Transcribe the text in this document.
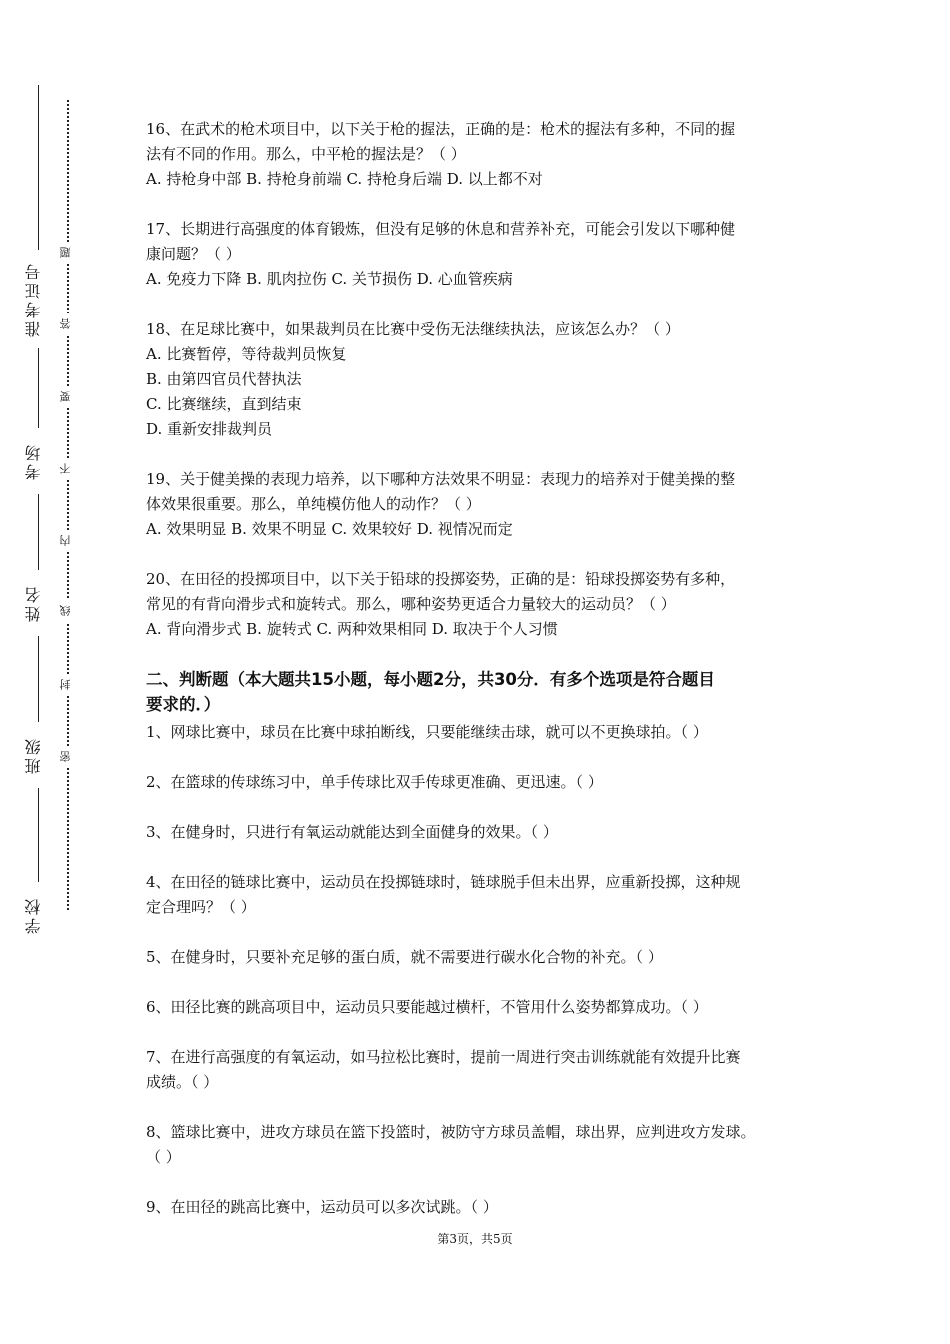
准考证号
考场
姓名
班级
学校
题
答
要
不
内
线
封
密

16、在武术的枪术项目中，以下关于枪的握法，正确的是：枪术的握法有多种，不同的握

法有不同的作用。那么，中平枪的握法是？（ ）

A. 持枪身中部 B. 持枪身前端 C. 持枪身后端 D. 以上都不对

17、长期进行高强度的体育锻炼，但没有足够的休息和营养补充，可能会引发以下哪种健

康问题？（ ）

A. 免疫力下降 B. 肌肉拉伤 C. 关节损伤 D. 心血管疾病

18、在足球比赛中，如果裁判员在比赛中受伤无法继续执法，应该怎么办？（ ）

A. 比赛暂停，等待裁判员恢复

B. 由第四官员代替执法

C. 比赛继续，直到结束

D. 重新安排裁判员

19、关于健美操的表现力培养，以下哪种方法效果不明显：表现力的培养对于健美操的整

体效果很重要。那么，单纯模仿他人的动作？（ ）

A. 效果明显 B. 效果不明显 C. 效果较好 D. 视情况而定

20、在田径的投掷项目中，以下关于铅球的投掷姿势，正确的是：铅球投掷姿势有多种，

常见的有背向滑步式和旋转式。那么，哪种姿势更适合力量较大的运动员？（ ）

A. 背向滑步式 B. 旋转式 C. 两种效果相同 D. 取决于个人习惯

二、判断题（本大题共15小题，每小题2分，共30分．有多个选项是符合题目
要求的．）

1、网球比赛中，球员在比赛中球拍断线，只要能继续击球，就可以不更换球拍。（ ）

2、在篮球的传球练习中，单手传球比双手传球更准确、更迅速。（ ）

3、在健身时，只进行有氧运动就能达到全面健身的效果。（ ）

4、在田径的链球比赛中，运动员在投掷链球时，链球脱手但未出界，应重新投掷，这种规

定合理吗？（ ）

5、在健身时，只要补充足够的蛋白质，就不需要进行碳水化合物的补充。（ ）

6、田径比赛的跳高项目中，运动员只要能越过横杆，不管用什么姿势都算成功。（ ）

7、在进行高强度的有氧运动，如马拉松比赛时，提前一周进行突击训练就能有效提升比赛

成绩。（ ）

8、篮球比赛中，进攻方球员在篮下投篮时，被防守方球员盖帽，球出界，应判进攻方发球。

（ ）

9、在田径的跳高比赛中，运动员可以多次试跳。（ ）

第3页，共5页
